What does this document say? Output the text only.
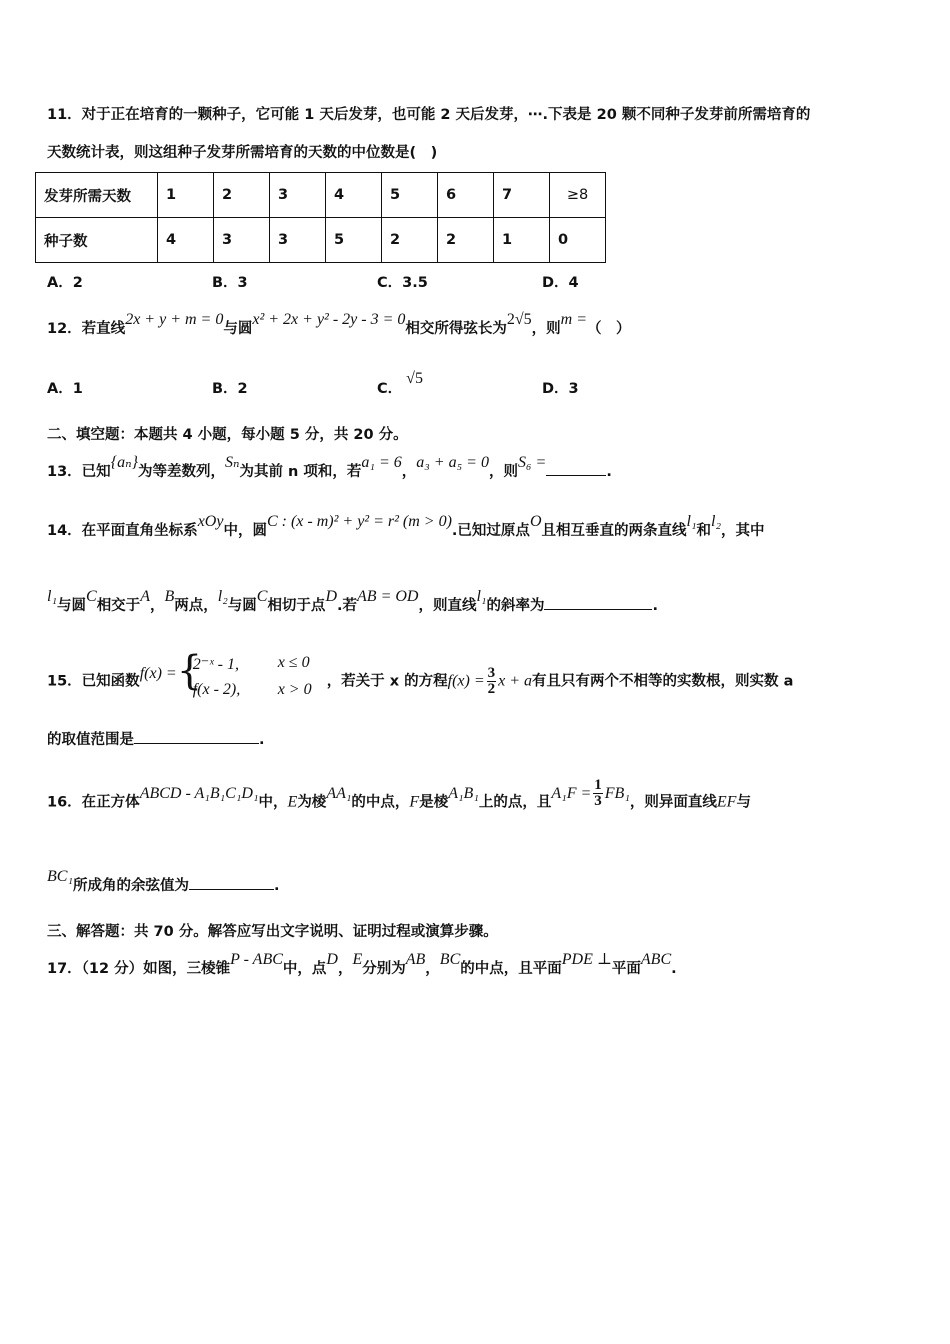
11．对于正在培育的一颗种子，它可能 1 天后发芽，也可能 2 天后发芽，⋯.下表是 20 颗不同种子发芽前所需培育的
天数统计表，则这组种子发芽所需培育的天数的中位数是(　)
发芽所需天数	1	2	3	4	5	6	7	≥8
种子数	4	3	3	5	2	2	1	0
A．2	B．3	C．3.5	D．4
12．若直线2x + y + m = 0与圆x² + 2x + y² - 2y - 3 = 0相交所得弦长为2√5，则m =（　）
A．1	B．2	C．√5
D．3
二、填空题：本题共 4 小题，每小题 5 分，共 20 分。
13．已知{aₙ}为等差数列，Sₙ为其前 n 项和，若a₁ = 6，a₃ + a₅ = 0，则S₆ =.
14．在平面直角坐标系xOy中，圆C : (x - m)² + y² = r² (m > 0).已知过原点O且相互垂直的两条直线l₁和l₂，其中
l₁与圆C相交于A，B两点，l₂与圆C相切于点D.若AB = OD，则直线l₁的斜率为	.
15．已知函数f(x) = {
2⁻ˣ - 1, x ≤ 0
f(x - 2), x > 0 ，若关于 x 的方程$f(x) = \frac{3}{2}$ x + a有且只有两个不相等的实数根，则实数 a
的取值范围是	.
16．在正方体ABCD - A₁B₁C₁D₁中，E为棱AA₁的中点，F是棱A₁B₁上的点，且$A_1F = \frac{1}{3} FB_1$，则异面直线EF与
BC₁所成角的余弦值为	.
三、解答题：共 70 分。解答应写出文字说明、证明过程或演算步骤。
17．（12 分）如图，三棱锥P - ABC中，点D，E分别为AB，BC的中点，且平面PDE ⊥平面ABC.
